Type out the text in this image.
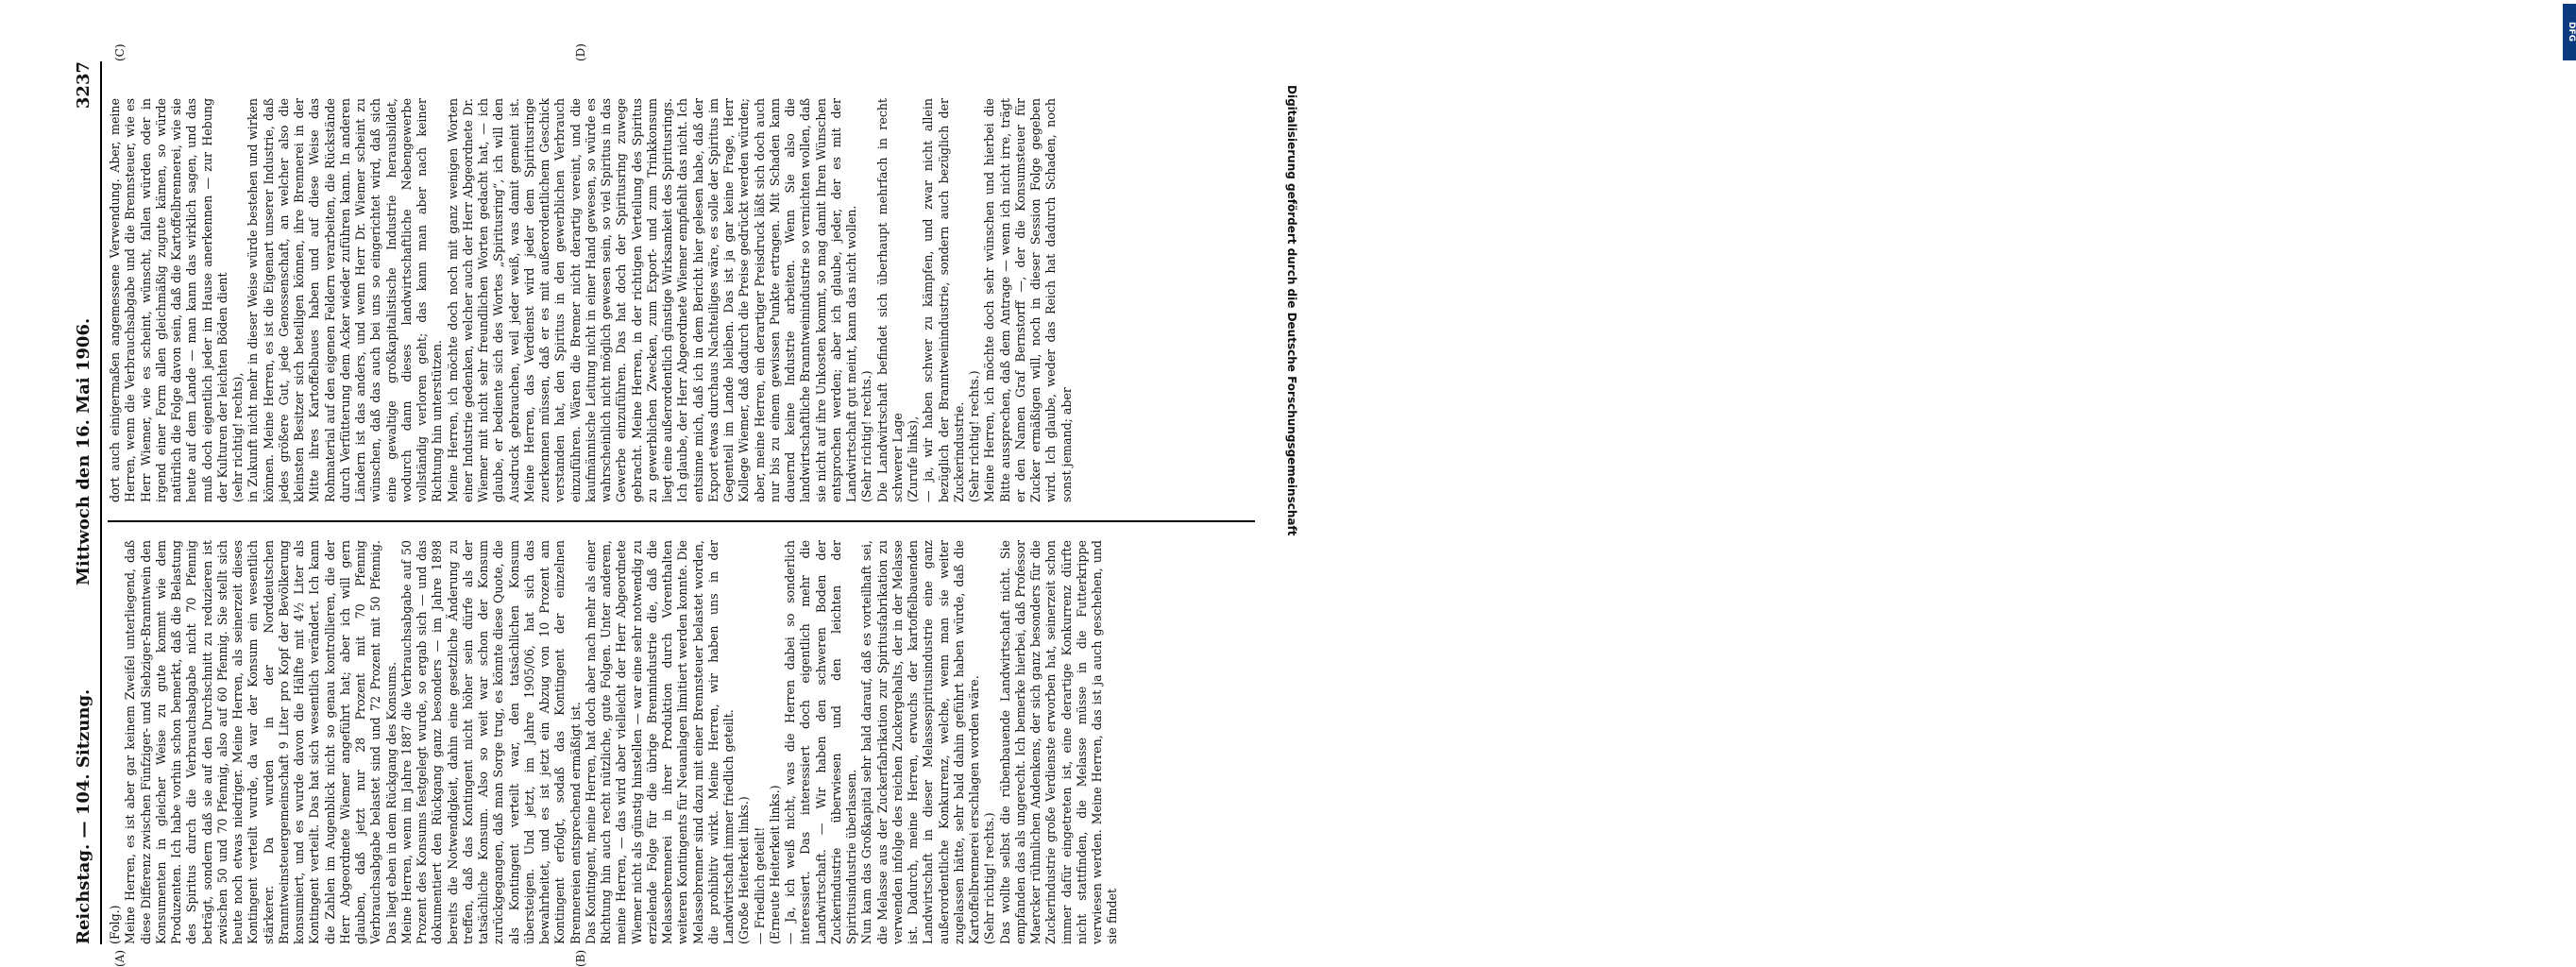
Reichstag. — 104. Sitzung.
Mittwoch den 16. Mai 1906.
3237
(A)	(B)
(C)	(D)
(Folg.)
Meine Herren, es ist aber gar keinem Zweifel unterliegend, daß diese Differenz zwischen Fünfziger- und Siebziger-Branntwein den Konsumenten in gleicher Weise zu gute kommt wie dem Produzenten. Ich habe vorhin schon bemerkt, daß die Belastung des Spiritus durch die Verbrauchsabgabe nicht 70 Pfennig beträgt, sondern daß sie auf den Durchschnitt zu reduzieren ist zwischen 50 und 70 Pfennig, also auf 60 Pfennig. Sie stellt sich heute noch etwas niedriger. Meine Herren, als seinerzeit dieses Kontingent verteilt wurde, da war der Konsum ein wesentlich stärkerer. Da wurden in der Norddeutschen Branntweinsteuergemeinschaft 9 Liter pro Kopf der Bevölkerung konsumiert, und es wurde davon die Hälfte mit 4½ Liter als Kontingent verteilt. Das hat sich wesentlich verändert. Ich kann die Zahlen im Augenblick nicht so genau kontrollieren, die der Herr Abgeordnete Wiemer angeführt hat; aber ich will gern glauben, daß jetzt nur 28 Prozent mit 70 Pfennig Verbrauchsabgabe belastet sind und 72 Prozent mit 50 Pfennig. Das liegt eben in dem Rückgang des Konsums.
Meine Herren, wenn im Jahre 1887 die Verbrauchsabgabe auf 50 Prozent des Konsums festgelegt wurde, so ergab sich — und das dokumentiert den Rückgang ganz besonders — im Jahre 1898 bereits die Notwendigkeit, dahin eine gesetzliche Änderung zu treffen, daß das Kontingent nicht höher sein dürfe als der tatsächliche Konsum. Also so weit war schon der Konsum zurückgegangen, daß man Sorge trug, es könnte diese Quote, die als Kontingent verteilt war, den tatsächlichen Konsum übersteigen. Und jetzt, im Jahre 1905/06, hat sich das bewahrheitet, und es ist jetzt ein Abzug von 10 Prozent am Kontingent erfolgt, sodaß das Kontingent der einzelnen Brennereien entsprechend ermäßigt ist.
Das Kontingent, meine Herren, hat doch aber nach mehr als einer Richtung hin auch recht nützliche, gute Folgen. Unter anderem, meine Herren, — das wird aber vielleicht der Herr Abgeordnete Wiemer nicht als günstig hinstellen — war eine sehr notwendig zu erzielende Folge für die übrige Brennindustrie die, daß die Melassebrennerei in ihrer Produktion durch Vorenthalten weiteren Kontingents für Neuanlagen limitiert werden konnte. Die Melassebrenner sind dazu mit einer Brennsteuer belastet worden, die prohibitiv wirkt. Meine Herren, wir haben uns in der Landwirtschaft immer friedlich geteilt.
(Große Heiterkeit links.)
— Friedlich geteilt!
(Erneute Heiterkeit links.)
— Ja, ich weiß nicht, was die Herren dabei so sonderlich interessiert. Das interessiert doch eigentlich mehr die Landwirtschaft. — Wir haben den schweren Boden der Zuckerindustrie überwiesen und den leichten der Spiritusindustrie überlassen.
Nun kam das Großkapital sehr bald darauf, daß es vorteilhaft sei, die Melasse aus der Zuckerfabrikation zur Spiritusfabrikation zu verwenden infolge des reichen Zuckergehalts, der in der Melasse ist. Dadurch, meine Herren, erwuchs der kartoffelbauenden Landwirtschaft in dieser Melassespiritusindustrie eine ganz außerordentliche Konkurrenz, welche, wenn man sie weiter zugelassen hätte, sehr bald dahin geführt haben würde, daß die Kartoffelbrennerei erschlagen worden wäre.
(Sehr richtig! rechts.)
Das wollte selbst die rübenbauende Landwirtschaft nicht. Sie empfanden das als ungerecht. Ich bemerke hierbei, daß Professor Maercker rühmlichen Andenkens, der sich ganz besonders für die Zuckerindustrie große Verdienste erworben hat, seinerzeit schon immer dafür eingetreten ist, eine derartige Konkurrenz dürfte nicht stattfinden, die Melasse müsse in die Futterkrippe verwiesen werden. Meine Herren, das ist ja auch geschehen, und sie findet
dort auch einigermaßen angemessene Verwendung. Aber, meine Herren, wenn die Verbrauchsabgabe und die Brennsteuer, wie es Herr Wiemer, wie es scheint, wünscht, fallen würden oder in irgend einer Form allen gleichmäßig zugute kämen, so würde natürlich die Folge davon sein, daß die Kartoffelbrennerei, wie sie heute auf dem Lande — man kann das wirklich sagen, und das muß doch eigentlich jeder im Hause anerkennen — zur Hebung der Kulturen der leichten Böden dient
(sehr richtig! rechts),
in Zukunft nicht mehr in dieser Weise würde bestehen und wirken können. Meine Herren, es ist die Eigenart unserer Industrie, daß jedes größere Gut, jede Genossenschaft, an welcher also die kleinsten Besitzer sich beteiligen können, ihre Brennerei in der Mitte ihres Kartoffelbaues haben und auf diese Weise das Rohmaterial auf den eigenen Feldern verarbeiten, die Rückstände durch Verfütterung dem Acker wieder zuführen kann. In anderen Ländern ist das anders, und wenn Herr Dr. Wiemer scheint zu wünschen, daß das auch bei uns so eingerichtet wird, daß sich eine gewaltige großkapitalistische Industrie herausbildet, wodurch dann dieses landwirtschaftliche Nebengewerbe vollständig verloren geht; das kann man aber nach keiner Richtung hin unterstützen.
Meine Herren, ich möchte doch noch mit ganz wenigen Worten einer Industrie gedenken, welcher auch der Herr Abgeordnete Dr. Wiemer mit nicht sehr freundlichen Worten gedacht hat, — ich glaube, er bediente sich des Wortes „Spiritusring“, ich will den Ausdruck gebrauchen, weil jeder weiß, was damit gemeint ist. Meine Herren, das Verdienst wird jeder dem Spiritusringe zuerkennen müssen, daß er es mit außerordentlichem Geschick verstanden hat, den Spiritus in den gewerblichen Verbrauch einzuführen. Wären die Bremer nicht derartig vereint, und die kaufmännische Leitung nicht in einer Hand gewesen, so würde es wahrscheinlich nicht möglich gewesen sein, so viel Spiritus in das Gewerbe einzuführen. Das hat doch der Spiritusring zuwege gebracht. Meine Herren, in der richtigen Verteilung des Spiritus zu gewerblichen Zwecken, zum Export- und zum Trinkkonsum liegt eine außerordentlich günstige Wirksamkeit des Spiritusrings. Ich glaube, der Herr Abgeordnete Wiemer empfiehlt das nicht. Ich entsinne mich, daß ich in dem Bericht hier gelesen habe, daß der Export etwas durchaus Nachteiliges wäre, es solle der Spiritus im Gegenteil im Lande bleiben. Das ist ja gar keine Frage, Herr Kollege Wiemer, daß dadurch die Preise gedrückt werden würden; aber, meine Herren, ein derartiger Preisdruck läßt sich doch auch nur bis zu einem gewissen Punkte ertragen. Mit Schaden kann dauernd keine Industrie arbeiten. Wenn Sie also die landwirtschaftliche Branntweinindustrie so vernichten wollen, daß sie nicht auf ihre Unkosten kommt, so mag damit Ihren Wünschen entsprochen werden; aber ich glaube, jeder, der es mit der Landwirtschaft gut meint, kann das nicht wollen.
(Sehr richtig! rechts.)
Die Landwirtschaft befindet sich überhaupt mehrfach in recht schwerer Lage
(Zurufe links),
— ja, wir haben schwer zu kämpfen, und zwar nicht allein bezüglich der Branntweinindustrie, sondern auch bezüglich der Zuckerindustrie.
(Sehr richtig! rechts.)
Meine Herren, ich möchte doch sehr wünschen und hierbei die Bitte aussprechen, daß dem Antrage — wenn ich nicht irre, trägt er den Namen Graf Bernstorff —, der die Konsumsteuer für Zucker ermäßigen will, noch in dieser Session Folge gegeben wird. Ich glaube, weder das Reich hat dadurch Schaden, noch sonst jemand; aber
DFG
Digitalisierung gefördert durch die Deutsche Forschungsgemeinschaft
